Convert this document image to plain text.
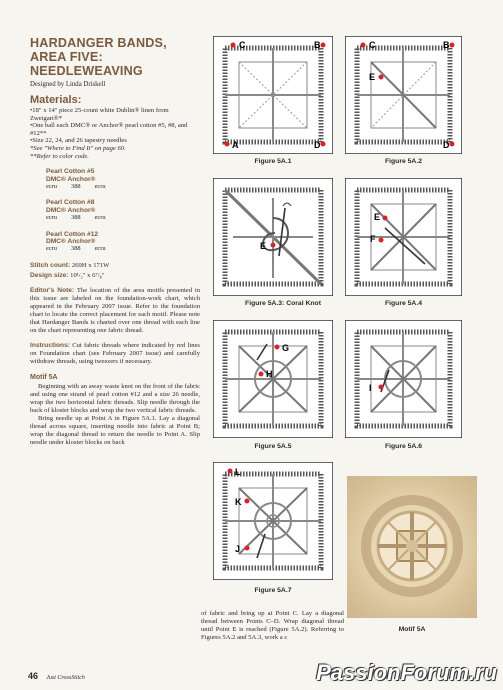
HARDANGER BANDS,
AREA FIVE:
NEEDLEWEAVING
Designed by Linda Driskell
Materials:
•18" x 14" piece 25-count white Dublin® linen from Zweigart®*
•One ball each DMC® or Anchor® pearl cotton #5, #8, and #12**
•Size 22, 24, and 26 tapestry needles
*See "Where to Find It" on page 60.
**Refer to color code.
Pearl Cotton #5
DMC® Anchor®
ecru 388 ecru
Pearl Cotton #8
DMC® Anchor®
ecru 388 ecru
Pearl Cotton #12
DMC® Anchor®
ecru 388 ecru
Stitch count: 269H x 171W
Design size: 10¹/₂" x 6⁷/₈"

Editor's Note: The location of the area motifs presented in this issue are labeled on the foundation-work chart, which appeared in the February 2007 issue. Refer to the foundation chart to locate the correct placement for each motif. Please note that Hardanger Bands is charted over one thread with each line on the chart representing one fabric thread.

Instructions: Cut fabric threads where indicated by red lines on Foundation chart (see February 2007 issue) and carefully withdraw threads, using tweezers if necessary.

Motif 5A

Beginning with an away waste knot on the front of the fabric and using one strand of pearl cotton #12 and a size 26 needle, wrap the two horizontal fabric threads. Slip needle through the back of kloster blocks and wrap the two vertical fabric threads.

Bring needle up at Point A in Figure 5A.1. Lay a diagonal thread across square, inserting needle into fabric at Point B; wrap the diagonal thread to return the needle to Point A. Slip needle under kloster blocks on back

C	B
A	D
Figure 5A.1
C
E
B
D
Figure 5A.2
E
Figure 5A.3: Coral Knot
E
F
Figure 5A.4
G
H
Figure 5A.5
I
Figure 5A.6
L
K
J
Figure 5A.7
Motif 5A
of fabric and bring up at Point C. Lay a diagonal thread between Points C–D. Wrap diagonal thread until Point E is reached (Figure 5A.2). Referring to Figures 5A.2 and 5A.3, work a c
46 Just CrossStitch	PassionForum.ru
